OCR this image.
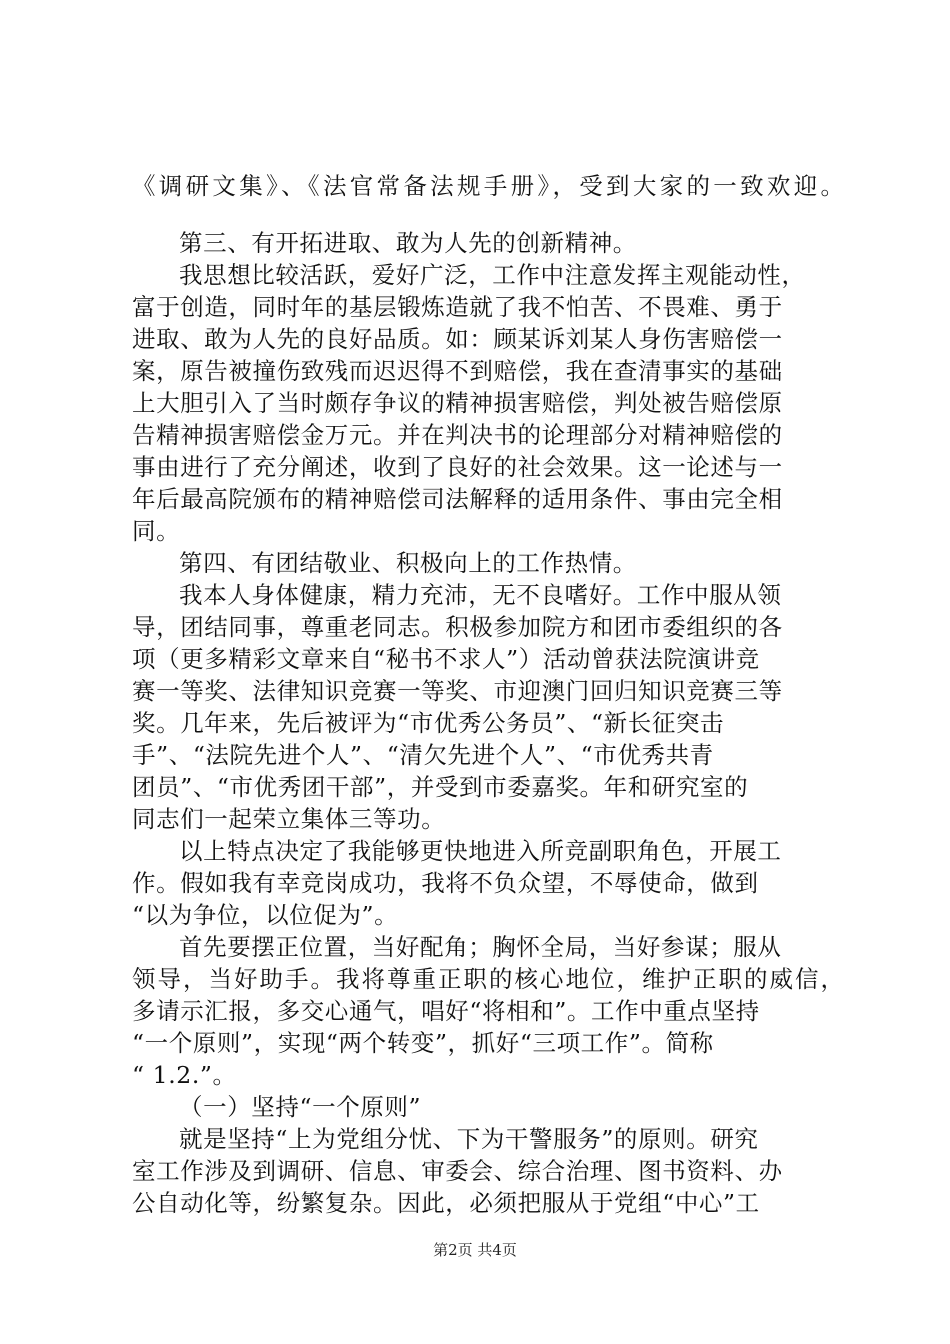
《调研文集》、《法官常备法规手册》，受到大家的一致欢迎。
第三、有开拓进取、敢为人先的创新精神。
我思想比较活跃，爱好广泛，工作中注意发挥主观能动性，
富于创造，同时年的基层锻炼造就了我不怕苦、不畏难、勇于
进取、敢为人先的良好品质。如：顾某诉刘某人身伤害赔偿一
案，原告被撞伤致残而迟迟得不到赔偿，我在查清事实的基础
上大胆引入了当时颇存争议的精神损害赔偿，判处被告赔偿原
告精神损害赔偿金万元。并在判决书的论理部分对精神赔偿的
事由进行了充分阐述，收到了良好的社会效果。这一论述与一
年后最高院颁布的精神赔偿司法解释的适用条件、事由完全相
同。
第四、有团结敬业、积极向上的工作热情。
我本人身体健康，精力充沛，无不良嗜好。工作中服从领
导，团结同事，尊重老同志。积极参加院方和团市委组织的各
项（更多精彩文章来自“秘书不求人”）活动曾获法院演讲竞
赛一等奖、法律知识竞赛一等奖、市迎澳门回归知识竞赛三等
奖。几年来，先后被评为“市优秀公务员”、“新长征突击
手”、“法院先进个人”、“清欠先进个人”、“市优秀共青
团员”、“市优秀团干部”，并受到市委嘉奖。年和研究室的
同志们一起荣立集体三等功。
以上特点决定了我能够更快地进入所竞副职角色，开展工
作。假如我有幸竞岗成功，我将不负众望，不辱使命，做到
“以为争位，以位促为”。
首先要摆正位置，当好配角；胸怀全局，当好参谋；服从
领导，当好助手。我将尊重正职的核心地位，维护正职的威信，
多请示汇报，多交心通气，唱好“将相和”。工作中重点坚持
“一个原则”，实现“两个转变”，抓好“三项工作”。简称
“ 1.2.”。
（一）坚持“一个原则”
就是坚持“上为党组分忧、下为干警服务”的原则。研究
室工作涉及到调研、信息、审委会、综合治理、图书资料、办
公自动化等，纷繁复杂。因此，必须把服从于党组“中心”工
第2页 共4页
